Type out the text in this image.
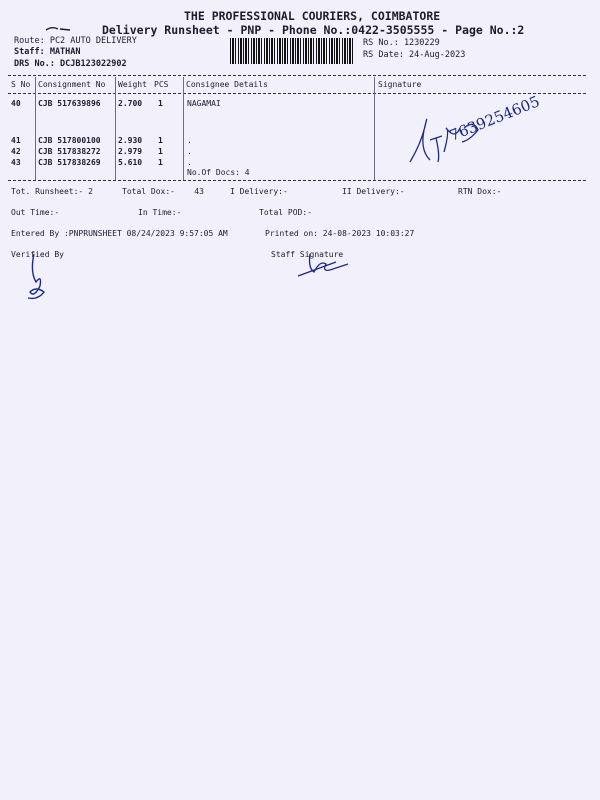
THE PROFESSIONAL COURIERS, COIMBATORE
Delivery Runsheet - PNP - Phone No.:0422-3505555 - Page No.:2
Route: PC2 AUTO DELIVERY
Staff: MATHAN
DRS No.: DCJB123022902
RS No.: 1230229
RS Date: 24-Aug-2023
S No Consignment No Weight PCS Consignee Details	Signature
40 CJB 517639896 2.700 1	NAGAMAI
41 CJB 517800100 2.930 1	.
42 CJB 517838272 2.979 1	.
43 CJB 517838269 5.610 1	.
No.Of Docs: 4
7639254605
Tot. Runsheet:- 2	Total Dox:-    43	I Delivery:-	II Delivery:-	RTN Dox:-
Out Time:-	In Time:-	Total POD:-
Entered By :PNPRUNSHEET 08/24/2023 9:57:05 AM	Printed on: 24-08-2023 10:03:27
Verified By	Staff Signature
